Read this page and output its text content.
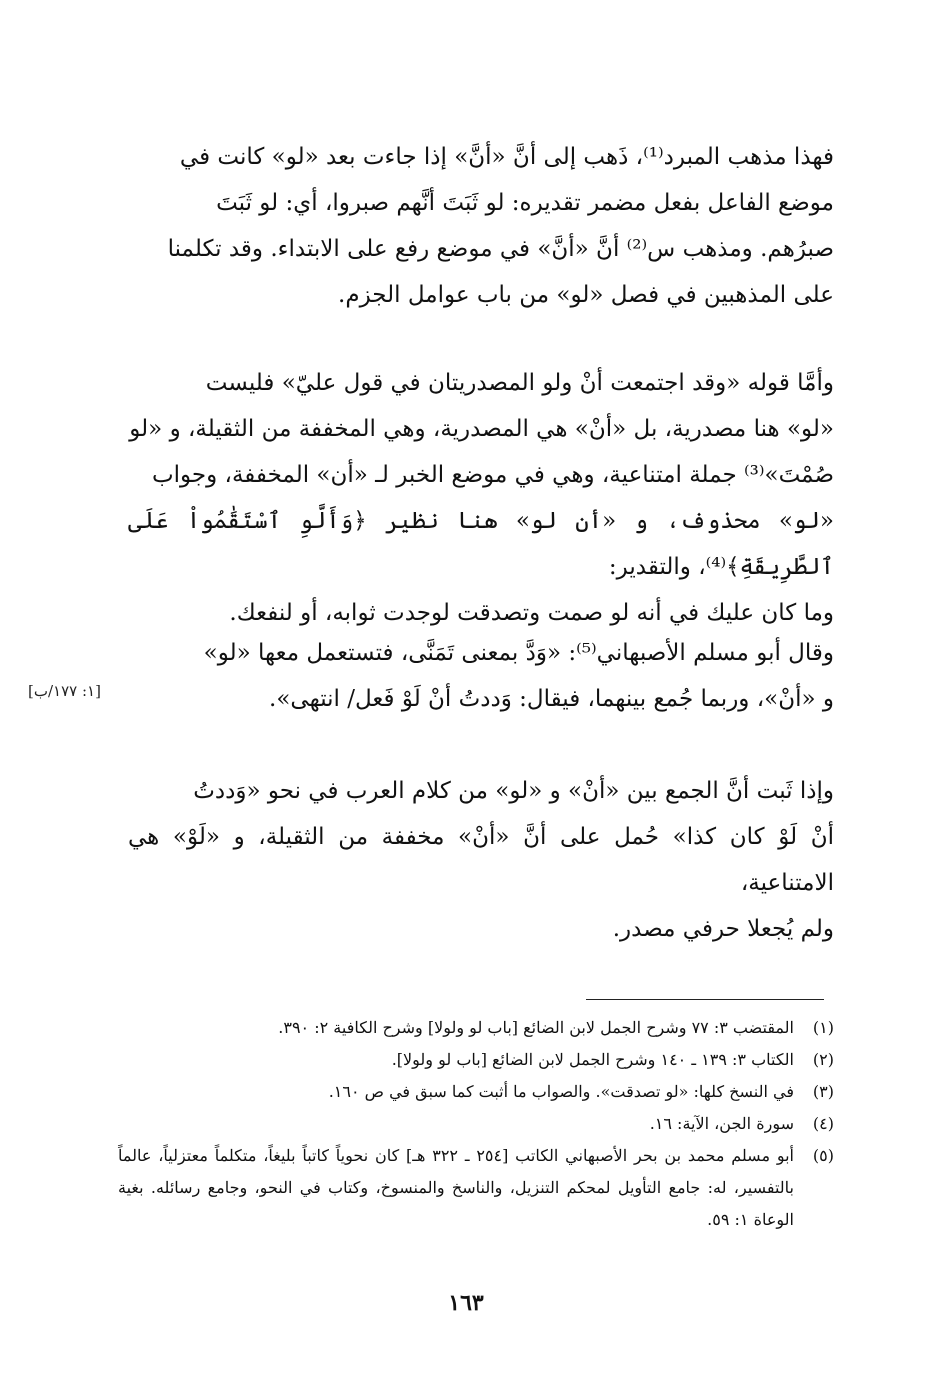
فهذا مذهب المبرد⁽¹⁾، ذَهب إلى أنَّ «أنَّ» إذا جاءت بعد «لو» كانت في

موضع الفاعل بفعل مضمر تقديره: لو ثَبَتَ أنَّهم صبروا، أي: لو ثَبَتَ

صبرُهم. ومذهب س⁽²⁾ أنَّ «أنَّ» في موضع رفع على الابتداء. وقد تكلمنا

على المذهبين في فصل «لو» من باب عوامل الجزم.

وأمَّا قوله «وقد اجتمعت أنْ ولو المصدريتان في قول عليّ» فليست

«لو» هنا مصدرية، بل «أنْ» هي المصدرية، وهي المخففة من الثقيلة، و «لو

صُمْتَ»⁽³⁾ جملة امتناعية، وهي في موضع الخبر لـ «أن» المخففة، وجواب

«لو» محذوف، و «أن لو» هنا نظير ﴿وَأَلَّوِ ٱسْتَقَٰمُواْ عَلَى ٱلطَّرِيقَةِ﴾⁽⁴⁾، والتقدير:

وما كان عليك في أنه لو صمت وتصدقت لوجدت ثوابه، أو لنفعك.

وقال أبو مسلم الأصبهاني⁽⁵⁾: «وَدَّ بمعنى تَمَنَّى، فتستعمل معها «لو»

و «أنْ»، وربما جُمع بينهما، فيقال: وَددتُ أنْ لَوْ فَعل/ انتهى».

[١: ١٧٧/ب]

وإذا ثَبت أنَّ الجمع بين «أنْ» و «لو» من كلام العرب في نحو «وَددتُ

أنْ لَوْ كان كذا» حُمل على أنَّ «أنْ» مخففة من الثقيلة، و «لَوْ» هي الامتناعية،

ولم يُجعلا حرفي مصدر.

(١)
المقتضب ٣: ٧٧ وشرح الجمل لابن الضائع [باب لو ولولا] وشرح الكافية ٢: ٣٩٠.
(٢)
الكتاب ٣: ١٣٩ ـ ١٤٠ وشرح الجمل لابن الضائع [باب لو ولولا].
(٣)
في النسخ كلها: «لو تصدقت». والصواب ما أثبت كما سبق في ص ١٦٠.
(٤)
سورة الجن، الآية: ١٦.
(٥)
أبو مسلم محمد بن بحر الأصبهاني الكاتب [٢٥٤ ـ ٣٢٢ هـ] كان نحوياً كاتباً بليغاً، متكلماً معتزلياً، عالماً بالتفسير، له: جامع التأويل لمحكم التنزيل، والناسخ والمنسوخ، وكتاب في النحو، وجامع رسائله. بغية الوعاة ١: ٥٩.
١٦٣
